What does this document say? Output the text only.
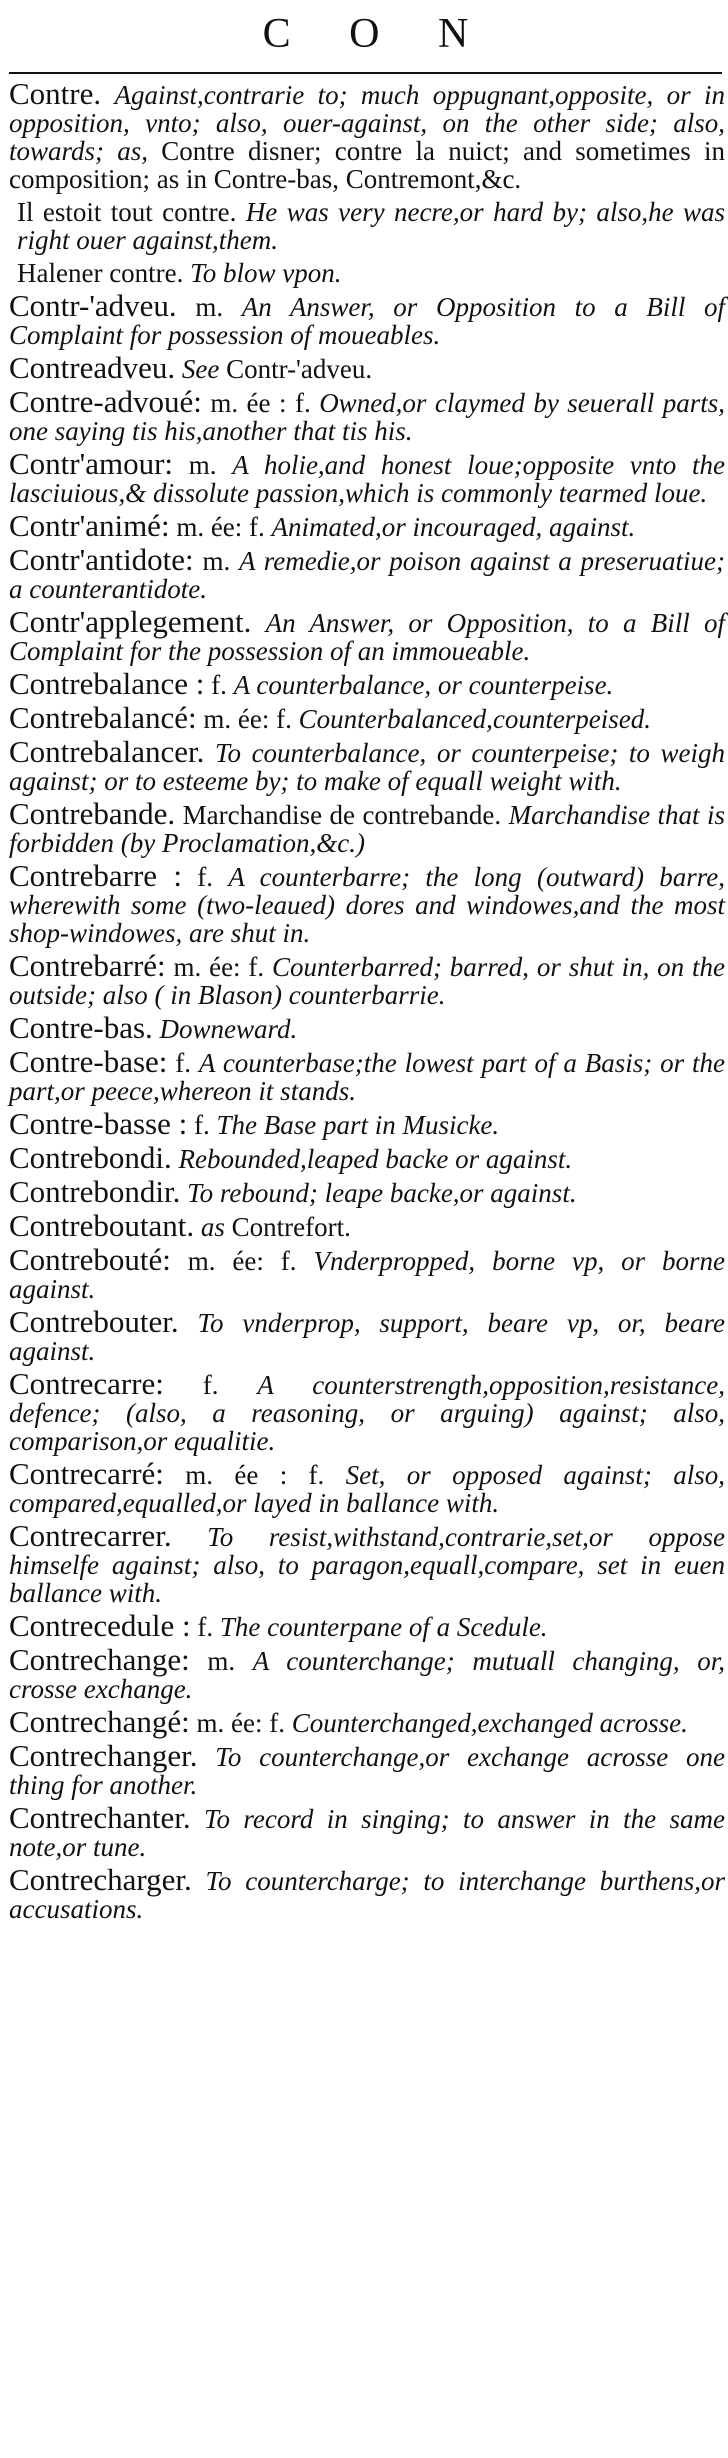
C O N
Contre. Against,contrarie to; much oppugnant,opposite, or in opposition, vnto; also, ouer-against, on the other side; also, towards; as, Contre disner; contre la nuict; and sometimes in composition; as in Contre-bas, Contremont,&c.
Il estoit tout contre. He was very necre,or hard by; also,he was right ouer against,them.
Halener contre. To blow vpon.
Contr-'adveu. m. An Answer, or Opposition to a Bill of Complaint for possession of moueables.
Contreadveu. See Contr-'adveu.
Contre-advoué: m. ée : f. Owned,or claymed by seuerall parts, one saying tis his,another that tis his.
Contr'amour: m. A holie,and honest loue;opposite vnto the lasciuious,& dissolute passion,which is commonly tearmed loue.
Contr'animé: m. ée: f. Animated,or incouraged, against.
Contr'antidote: m. A remedie,or poison against a preseruatiue; a counterantidote.
Contr'applegement. An Answer, or Opposition, to a Bill of Complaint for the possession of an immoueable.
Contrebalance : f. A counterbalance, or counterpeise.
Contrebalancé: m. ée: f. Counterbalanced,counterpeised.
Contrebalancer. To counterbalance, or counterpeise; to weigh against; or to esteeme by; to make of equall weight with.
Contrebande. Marchandise de contrebande. Marchandise that is forbidden (by Proclamation,&c.)
Contrebarre : f. A counterbarre; the long (outward) barre, wherewith some (two-leaued) dores and windowes,and the most shop-windowes, are shut in.
Contrebarré: m. ée: f. Counterbarred; barred, or shut in, on the outside; also ( in Blason) counterbarrie.
Contre-bas. Downeward.
Contre-base: f. A counterbase;the lowest part of a Basis; or the part,or peece,whereon it stands.
Contre-basse : f. The Base part in Musicke.
Contrebondi. Rebounded,leaped backe or against.
Contrebondir. To rebound; leape backe,or against.
Contreboutant. as Contrefort.
Contrebouté: m. ée: f. Vnderpropped, borne vp, or borne against.
Contrebouter. To vnderprop, support, beare vp, or, beare against.
Contrecarre: f. A counterstrength,opposition,resistance, defence; (also, a reasoning, or arguing) against; also, comparison,or equalitie.
Contrecarré: m. ée : f. Set, or opposed against; also, compared,equalled,or layed in ballance with.
Contrecarrer. To resist,withstand,contrarie,set,or oppose himselfe against; also, to paragon,equall,compare, set in euen ballance with.
Contrecedule : f. The counterpane of a Scedule.
Contrechange: m. A counterchange; mutuall changing, or, crosse exchange.
Contrechangé: m. ée: f. Counterchanged,exchanged acrosse.
Contrechanger. To counterchange,or exchange acrosse one thing for another.
Contrechanter. To record in singing; to answer in the same note,or tune.
Contrecharger. To countercharge; to interchange burthens,or accusations.
